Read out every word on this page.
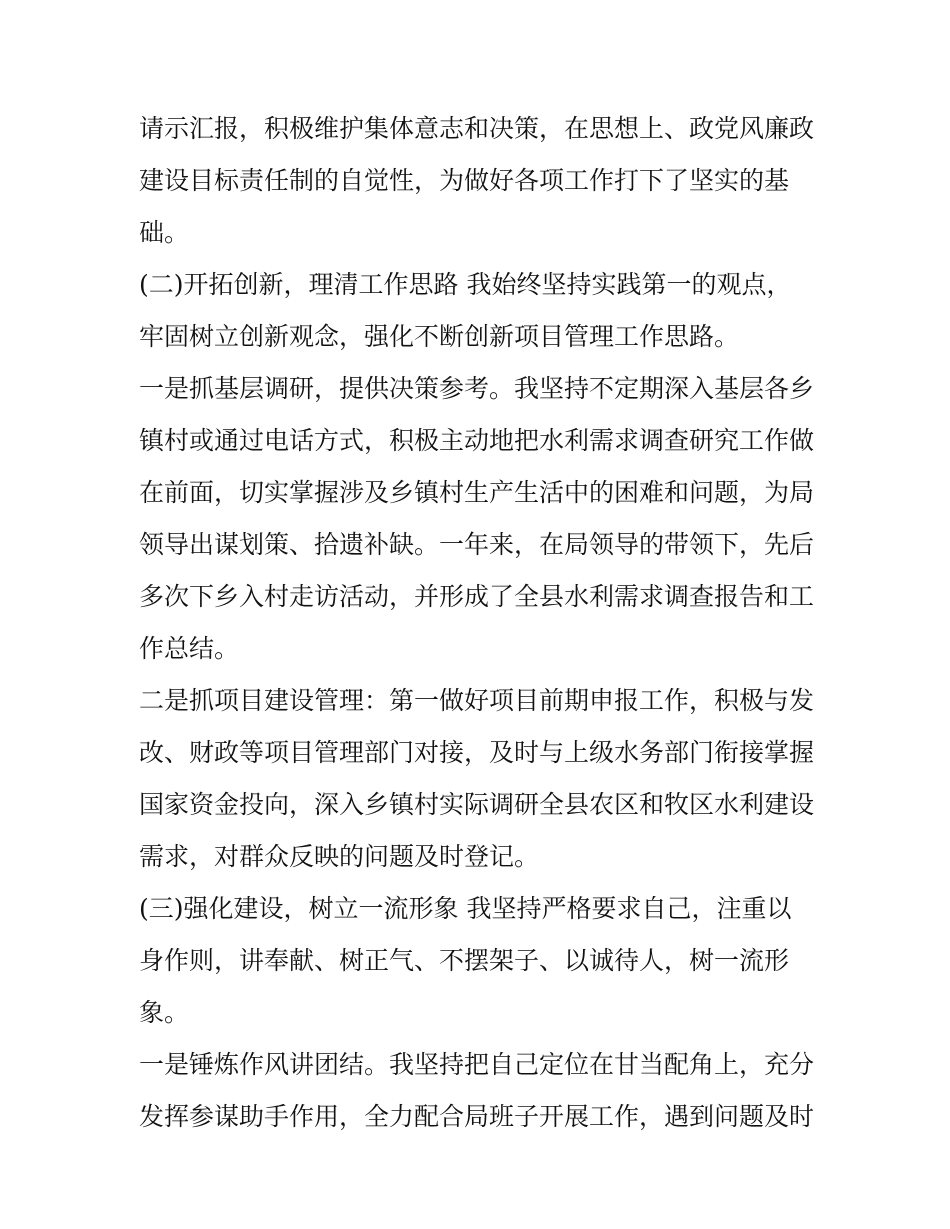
请示汇报，积极维护集体意志和决策，在思想上、政党风廉政
建设目标责任制的自觉性，为做好各项工作打下了坚实的基
础。
(二)开拓创新，理清工作思路 我始终坚持实践第一的观点，
牢固树立创新观念，强化不断创新项目管理工作思路。
一是抓基层调研，提供决策参考。我坚持不定期深入基层各乡
镇村或通过电话方式，积极主动地把水利需求调查研究工作做
在前面，切实掌握涉及乡镇村生产生活中的困难和问题，为局
领导出谋划策、拾遗补缺。一年来，在局领导的带领下，先后
多次下乡入村走访活动，并形成了全县水利需求调查报告和工
作总结。
二是抓项目建设管理：第一做好项目前期申报工作，积极与发
改、财政等项目管理部门对接，及时与上级水务部门衔接掌握
国家资金投向，深入乡镇村实际调研全县农区和牧区水利建设
需求，对群众反映的问题及时登记。
(三)强化建设，树立一流形象 我坚持严格要求自己，注重以
身作则，讲奉献、树正气、不摆架子、以诚待人，树一流形
象。
一是锤炼作风讲团结。我坚持把自己定位在甘当配角上，充分
发挥参谋助手作用，全力配合局班子开展工作，遇到问题及时
